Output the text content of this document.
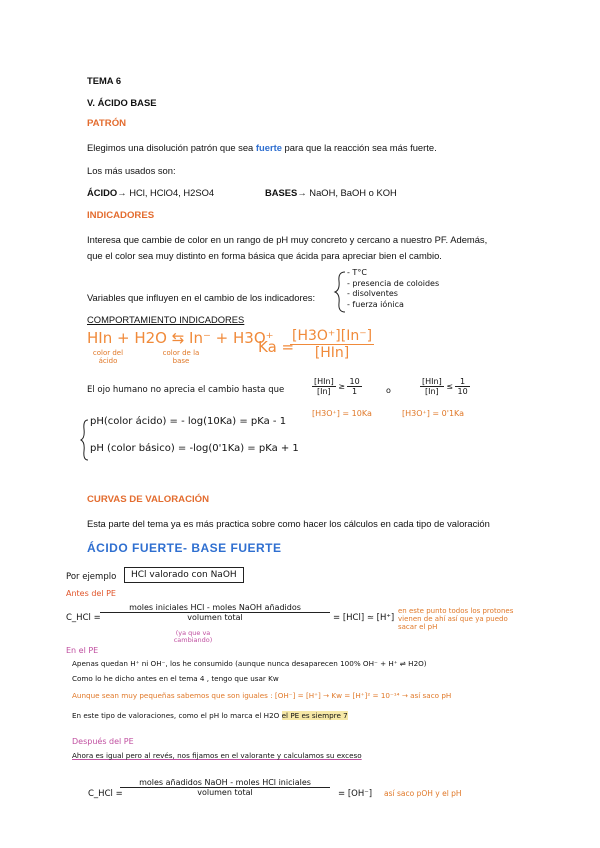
TEMA 6
V. ÁCIDO BASE
PATRÓN
Elegimos una disolución patrón que sea fuerte para que la reacción sea más fuerte.
Los más usados son:
ÁCIDO→ HCl, HClO4, H2SO4	BASES→ NaOH, BaOH o KOH
INDICADORES
Interesa que cambie de color en un rango de pH muy concreto y cercano a nuestro PF. Además,
que el color sea muy distinto en forma básica que ácida para apreciar bien el cambio.
Variables que influyen en el cambio de los indicadores:
- T°C
- presencia de coloides
- disolventes
- fuerza iónica
COMPORTAMIENTO INDICADORES
HIn + H2O ⇆ In⁻ + H3O⁺
color del ácido
color de la base
Ka =
$\frac{[H3O^+][In^-]}{\text{[HIn]}}$
El ojo humano no aprecia el cambio hasta que	$\frac{\text{[HIn]}}{[In]} \ge \frac{10}{1}$	o	$\frac{\text{[HIn]}}{[In]} \le \frac{1}{10}$
[H3O⁺] = 10Ka	[H3O⁺] = 0'1Ka
pH(color ácido) = - log(10Ka) = pKa - 1
pH (color básico) = -log(0'1Ka) = pKa + 1
CURVAS DE VALORACIÓN
Esta parte del tema ya es más practica sobre como hacer los cálculos en cada tipo de valoración
ÁCIDO FUERTE- BASE FUERTE
Por ejemplo	HCl valorado con NaOH
Antes del PE
C_HCl = $\frac{\text{moles iniciales HCl - moles NaOH añadidos}}{\text{volumen total}}$
(ya que va cambiando)
= [HCl] ≃ [H⁺]
en este punto todos los protones vienen de ahí así que ya puedo sacar el pH
En el PE
Apenas quedan H⁺ ni OH⁻, los he consumido (aunque nunca desaparecen 100% OH⁻ + H⁺ ⇌ H2O)
Como lo he dicho antes en el tema 4 , tengo que usar Kw
Aunque sean muy pequeñas sabemos que son iguales : [OH⁻] = [H⁺] → Kw = [H⁺]² = 10⁻¹⁴ → así saco pH
En este tipo de valoraciones, como el pH lo marca el H2O el PE es siempre 7
Después del PE
Ahora es igual pero al revés, nos fijamos en el valorante y calculamos su exceso
C_HCl =
$\frac{\text{moles añadidos NaOH - moles HCl iniciales}}{\text{volumen total}} = [OH^-]$ así saco pOH y el pH
